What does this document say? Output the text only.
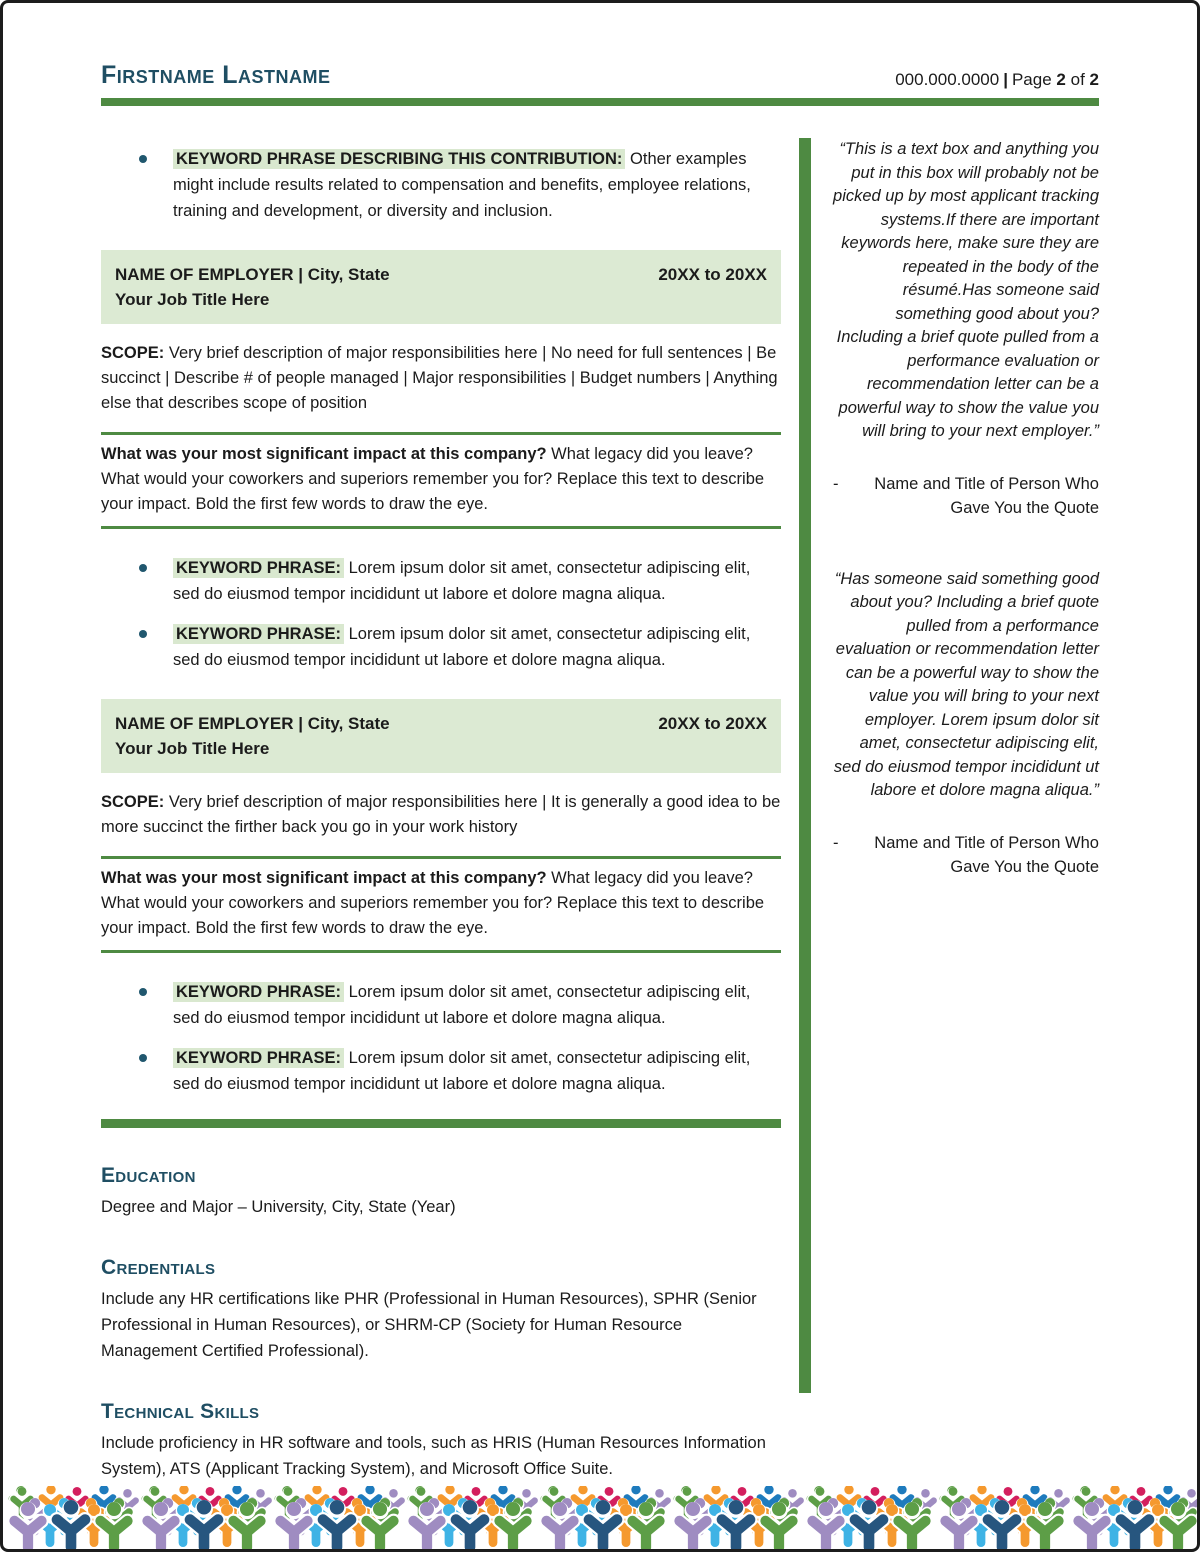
Firstname Lastname	000.000.0000 | Page 2 of 2
KEYWORD PHRASE DESCRIBING THIS CONTRIBUTION: Other examples might include results related to compensation and benefits, employee relations, training and development, or diversity and inclusion.
NAME OF EMPLOYER | City, State	20XX to 20XX
Your Job Title Here
SCOPE: Very brief description of major responsibilities here | No need for full sentences | Be succinct | Describe # of people managed | Major responsibilities | Budget numbers | Anything else that describes scope of position
What was your most significant impact at this company? What legacy did you leave? What would your coworkers and superiors remember you for? Replace this text to describe your impact. Bold the first few words to draw the eye.
KEYWORD PHRASE: Lorem ipsum dolor sit amet, consectetur adipiscing elit, sed do eiusmod tempor incididunt ut labore et dolore magna aliqua.
KEYWORD PHRASE: Lorem ipsum dolor sit amet, consectetur adipiscing elit, sed do eiusmod tempor incididunt ut labore et dolore magna aliqua.
NAME OF EMPLOYER | City, State	20XX to 20XX
Your Job Title Here
SCOPE: Very brief description of major responsibilities here | It is generally a good idea to be more succinct the firther back you go in your work history
What was your most significant impact at this company? What legacy did you leave? What would your coworkers and superiors remember you for? Replace this text to describe your impact. Bold the first few words to draw the eye.
KEYWORD PHRASE: Lorem ipsum dolor sit amet, consectetur adipiscing elit, sed do eiusmod tempor incididunt ut labore et dolore magna aliqua.
KEYWORD PHRASE: Lorem ipsum dolor sit amet, consectetur adipiscing elit, sed do eiusmod tempor incididunt ut labore et dolore magna aliqua.
Education
Degree and Major – University, City, State (Year)
Credentials
Include any HR certifications like PHR (Professional in Human Resources), SPHR (Senior Professional in Human Resources), or SHRM-CP (Society for Human Resource Management Certified Professional).
Technical Skills
Include proficiency in HR software and tools, such as HRIS (Human Resources Information System), ATS (Applicant Tracking System), and Microsoft Office Suite.
“This is a text box and anything you put in this box will probably not be picked up by most applicant tracking systems.If there are important keywords here, make sure they are repeated in the body of the résumé.Has someone said something good about you? Including a brief quote pulled from a performance evaluation or recommendation letter can be a powerful way to show the value you will bring to your next employer.”
-	Name and Title of Person Who Gave You the Quote
“Has someone said something good about you? Including a brief quote pulled from a performance evaluation or recommendation letter can be a powerful way to show the value you will bring to your next employer. Lorem ipsum dolor sit amet, consectetur adipiscing elit, sed do eiusmod tempor incididunt ut labore et dolore magna aliqua.”
-	Name and Title of Person Who Gave You the Quote
